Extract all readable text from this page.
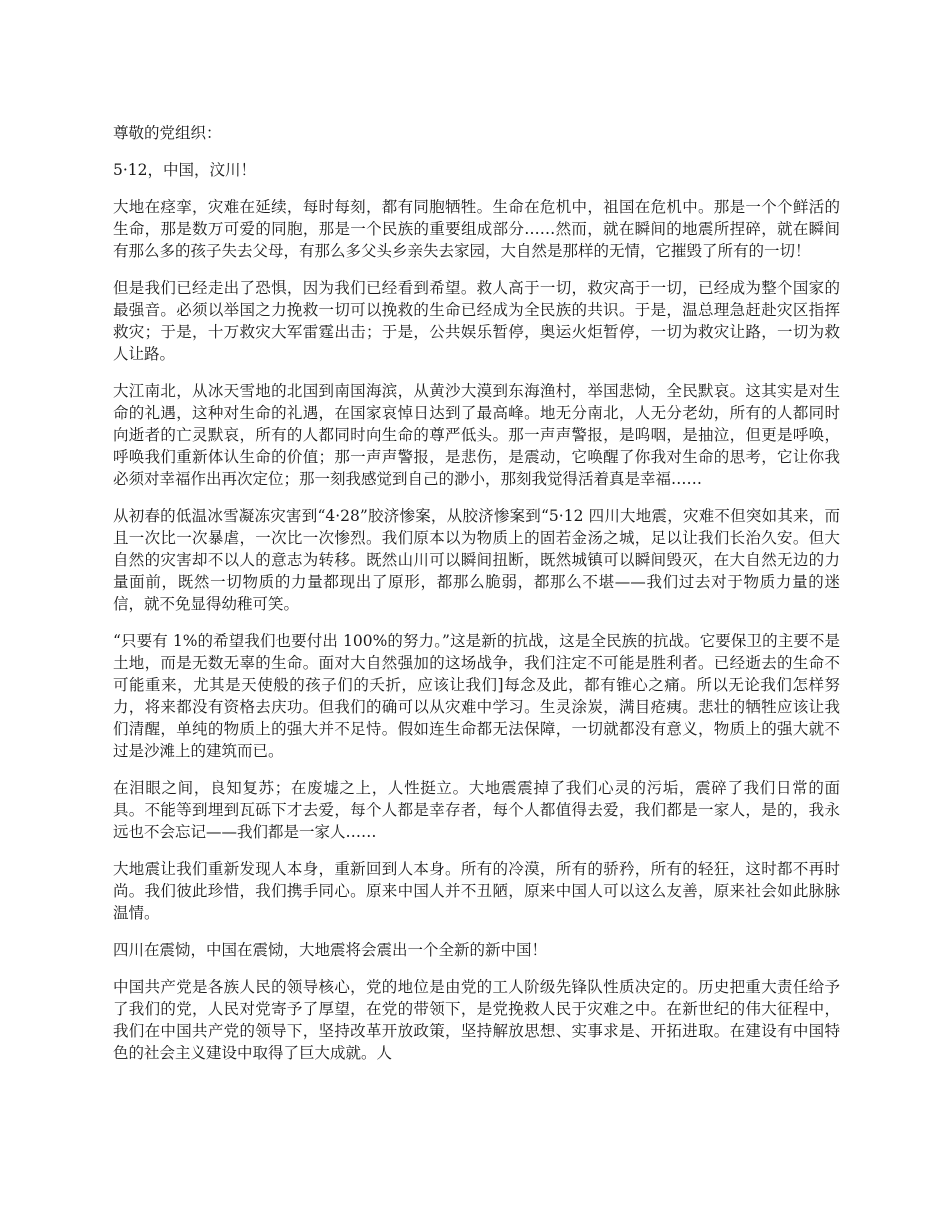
尊敬的党组织：

5·12，中国，汶川！

大地在痉挛，灾难在延续，每时每刻，都有同胞牺牲。生命在危机中，祖国在危机中。那是一个个鲜活的生命，那是数万可爱的同胞，那是一个民族的重要组成部分……然而，就在瞬间的地震所捏碎，就在瞬间有那么多的孩子失去父母，有那么多父头乡亲失去家园，大自然是那样的无情，它摧毁了所有的一切！

但是我们已经走出了恐惧，因为我们已经看到希望。救人高于一切，救灾高于一切，已经成为整个国家的最强音。必须以举国之力挽救一切可以挽救的生命已经成为全民族的共识。于是，温总理急赶赴灾区指挥救灾；于是，十万救灾大军雷霆出击；于是，公共娱乐暂停，奥运火炬暂停，一切为救灾让路，一切为救人让路。

大江南北，从冰天雪地的北国到南国海滨，从黄沙大漠到东海渔村，举国悲恸，全民默哀。这其实是对生命的礼遇，这种对生命的礼遇，在国家哀悼日达到了最高峰。地无分南北，人无分老幼，所有的人都同时向逝者的亡灵默哀，所有的人都同时向生命的尊严低头。那一声声警报，是呜咽，是抽泣，但更是呼唤，呼唤我们重新体认生命的价值；那一声声警报，是悲伤，是震动，它唤醒了你我对生命的思考，它让你我必须对幸福作出再次定位；那一刻我感觉到自己的渺小，那刻我觉得活着真是幸福……

从初春的低温冰雪凝冻灾害到“4·28”胶济惨案，从胶济惨案到“5·12 四川大地震，灾难不但突如其来，而且一次比一次暴虐，一次比一次惨烈。我们原本以为物质上的固若金汤之城，足以让我们长治久安。但大自然的灾害却不以人的意志为转移。既然山川可以瞬间扭断，既然城镇可以瞬间毁灭，在大自然无边的力量面前，既然一切物质的力量都现出了原形，都那么脆弱，都那么不堪——我们过去对于物质力量的迷信，就不免显得幼稚可笑。

“只要有 1%的希望我们也要付出 100%的努力。”这是新的抗战，这是全民族的抗战。它要保卫的主要不是土地，而是无数无辜的生命。面对大自然强加的这场战争，我们注定不可能是胜利者。已经逝去的生命不可能重来，尤其是天使般的孩子们的夭折，应该让我们]每念及此，都有锥心之痛。所以无论我们怎样努力，将来都没有资格去庆功。但我们的确可以从灾难中学习。生灵涂炭，满目疮痍。悲壮的牺牲应该让我们清醒，单纯的物质上的强大并不足恃。假如连生命都无法保障，一切就都没有意义，物质上的强大就不过是沙滩上的建筑而已。

在泪眼之间，良知复苏；在废墟之上，人性挺立。大地震震掉了我们心灵的污垢，震碎了我们日常的面具。不能等到埋到瓦砾下才去爱，每个人都是幸存者，每个人都值得去爱，我们都是一家人，是的，我永远也不会忘记——我们都是一家人……

大地震让我们重新发现人本身，重新回到人本身。所有的冷漠，所有的骄矜，所有的轻狂，这时都不再时尚。我们彼此珍惜，我们携手同心。原来中国人并不丑陋，原来中国人可以这么友善，原来社会如此脉脉温情。

四川在震恸，中国在震恸，大地震将会震出一个全新的新中国！

中国共产党是各族人民的领导核心，党的地位是由党的工人阶级先锋队性质决定的。历史把重大责任给予了我们的党，人民对党寄予了厚望，在党的带领下，是党挽救人民于灾难之中。在新世纪的伟大征程中，我们在中国共产党的领导下，坚持改革开放政策，坚持解放思想、实事求是、开拓进取。在建设有中国特色的社会主义建设中取得了巨大成就。人
